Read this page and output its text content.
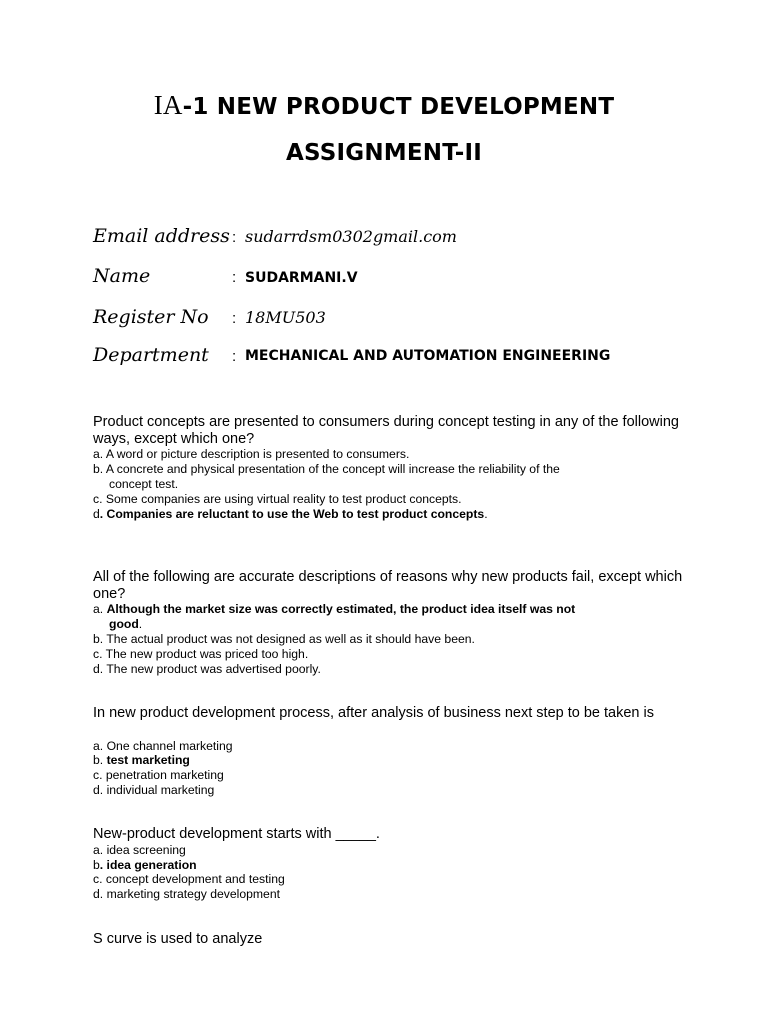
IA-1 NEW PRODUCT DEVELOPMENT
ASSIGNMENT-II
Email address : sudarrdsm0302gmail.com
Name	: SUDARMANI.V
Register No : 18MU503
Department : MECHANICAL AND AUTOMATION ENGINEERING
Product concepts are presented to consumers during concept testing in any of the following ways, except which one?
a. A word or picture description is presented to consumers.
b. A concrete and physical presentation of the concept will increase the reliability of the
concept test.
c. Some companies are using virtual reality to test product concepts.
d. Companies are reluctant to use the Web to test product concepts.
All of the following are accurate descriptions of reasons why new products fail, except which one?
a. Although the market size was correctly estimated, the product idea itself was not
good.
b. The actual product was not designed as well as it should have been.
c. The new product was priced too high.
d. The new product was advertised poorly.
In new product development process, after analysis of business next step to be taken is
a. One channel marketing
b. test marketing
c. penetration marketing
d. individual marketing
New-product development starts with _____.
a. idea screening
b. idea generation
c. concept development and testing
d. marketing strategy development
S curve is used to analyze
